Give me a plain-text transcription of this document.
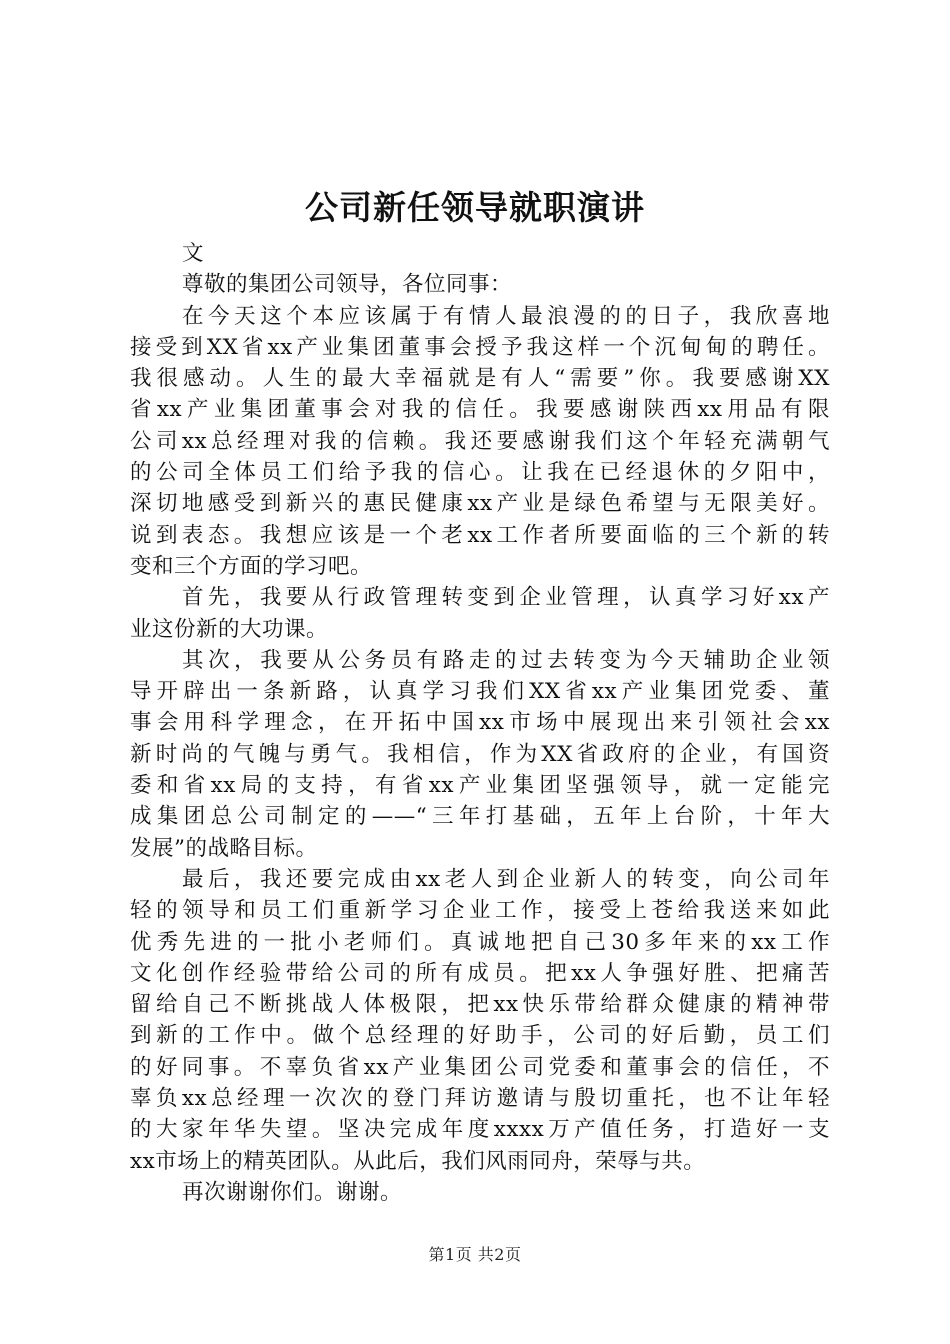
公司新任领导就职演讲
文
尊敬的集团公司领导，各位同事：
在今天这个本应该属于有情人最浪漫的的日子，我欣喜地
接受到XX省xx产业集团董事会授予我这样一个沉甸甸的聘任。
我很感动。人生的最大幸福就是有人“需要”你。我要感谢XX
省xx产业集团董事会对我的信任。我要感谢陕西xx用品有限
公司xx总经理对我的信赖。我还要感谢我们这个年轻充满朝气
的公司全体员工们给予我的信心。让我在已经退休的夕阳中，
深切地感受到新兴的惠民健康xx产业是绿色希望与无限美好。
说到表态。我想应该是一个老xx工作者所要面临的三个新的转
变和三个方面的学习吧。
首先，我要从行政管理转变到企业管理，认真学习好xx产
业这份新的大功课。
其次，我要从公务员有路走的过去转变为今天辅助企业领
导开辟出一条新路，认真学习我们XX省xx产业集团党委、董
事会用科学理念，在开拓中国xx市场中展现出来引领社会xx
新时尚的气魄与勇气。我相信，作为XX省政府的企业，有国资
委和省xx局的支持，有省xx产业集团坚强领导，就一定能完
成集团总公司制定的——“三年打基础，五年上台阶，十年大
发展”的战略目标。
最后，我还要完成由xx老人到企业新人的转变，向公司年
轻的领导和员工们重新学习企业工作，接受上苍给我送来如此
优秀先进的一批小老师们。真诚地把自己30多年来的xx工作
文化创作经验带给公司的所有成员。把xx人争强好胜、把痛苦
留给自己不断挑战人体极限，把xx快乐带给群众健康的精神带
到新的工作中。做个总经理的好助手，公司的好后勤，员工们
的好同事。不辜负省xx产业集团公司党委和董事会的信任，不
辜负xx总经理一次次的登门拜访邀请与殷切重托，也不让年轻
的大家年华失望。坚决完成年度xxxx万产值任务，打造好一支
xx市场上的精英团队。从此后，我们风雨同舟，荣辱与共。
再次谢谢你们。谢谢。
第1页 共2页
